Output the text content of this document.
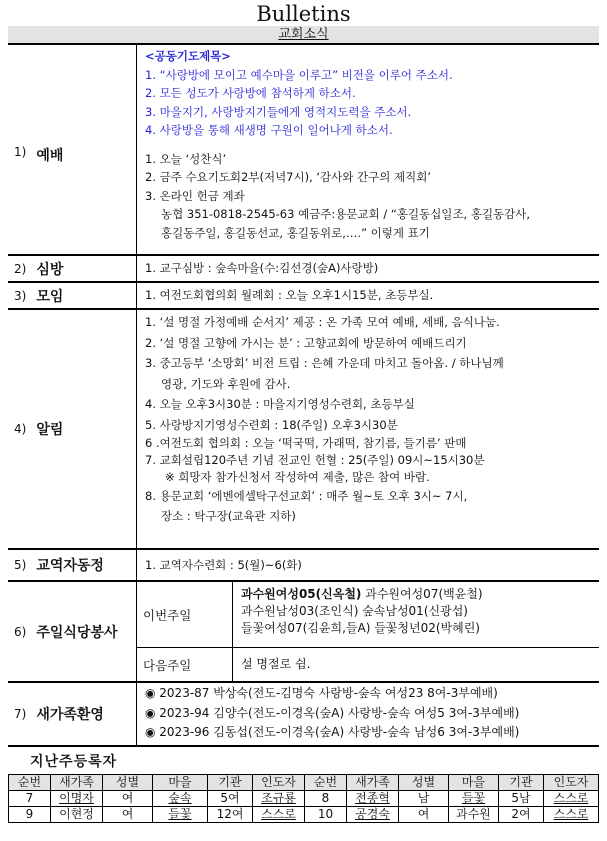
Bulletins
교회소식
1) 예배
<공동기도제목>
1. “사랑방에 모이고 예수마을 이루고” 비전을 이루어 주소서.
2. 모든 성도가 사랑방에 참석하게 하소서.
3. 마을지기, 사랑방지기들에게 영적지도력을 주소서.
4. 사랑방을 통해 새생명 구원이 일어나게 하소서.
1. 오늘 ‘성찬식’
2. 금주 수요기도회2부(저녁7시), ‘감사와 간구의 제직회’
3. 온라인 헌금 계좌
농협 351-0818-2545-63 예금주:용문교회 / “홍길동십일조, 홍길동감사,
홍길동주일, 홍길동선교, 홍길동위로,….” 이렇게 표기
2) 심방	1. 교구심방 : 숲속마을(수:김선경(숲A)사랑방)
3) 모임	1. 여전도회협의회 월례회 : 오늘 오후1시15분, 초등부실.
4) 알림
1. ‘설 명절 가정예배 순서지’ 제공 : 온 가족 모여 예배, 세배, 음식나눔.
2. ‘설 명절 고향에 가시는 분’ : 고향교회에 방문하여 예배드리기
3. 중고등부 ‘소망회’ 비전 트립 : 은혜 가운데 마치고 돌아옴. / 하나님께
영광, 기도와 후원에 감사.
4. 오늘 오후3시30분 : 마을지기영성수련회, 초등부실
5. 사랑방지기영성수련회 : 18(주일) 오후3시30분
6 .여전도회 협의회 : 오늘 ‘떡국떡, 가래떡, 참기름, 들기름’ 판매
7. 교회설립120주년 기념 전교인 헌혈 : 25(주일) 09시~15시30분
※ 희망자 참가신청서 작성하여 제출, 많은 참여 바람.
8. 용문교회 ‘에벤에셀탁구선교회’ : 매주 월~토 오후 3시~ 7시,
장소 : 탁구장(교육관 지하)
5) 교역자동정	1. 교역자수련회 : 5(월)~6(화)
6) 주일식당봉사
이번주일
과수원여성05(신옥철) 과수원여성07(백윤철)
과수원남성03(조인식) 숲속남성01(신광섭)
들꽃여성07(김윤희,들A) 들꽃청년02(박혜린)
다음주일	설 명절로 쉼.
7) 새가족환영
◉ 2023-87 박상숙(전도-김명숙 사랑방-숲속 여성23 8여-3부예배)
◉ 2023-94 김양수(전도-이경옥(숲A) 사랑방-숲속 여성5 3여-3부예배)
◉ 2023-96 김동섭(전도-이경옥(숲A) 사랑방-숲속 남성6 3여-3부예배)
지난주등록자
순번	새가족	성별	마을	기관	인도자	순번	새가족	성별	마을	기관	인도자
7	이명자	여	숲속	5여	조규룡	8	전종혁	남	들꽃	5남	스스로
9	이현정	여	들꽃	12여	스스로	10	공경숙	여	과수원	2여	스스로
